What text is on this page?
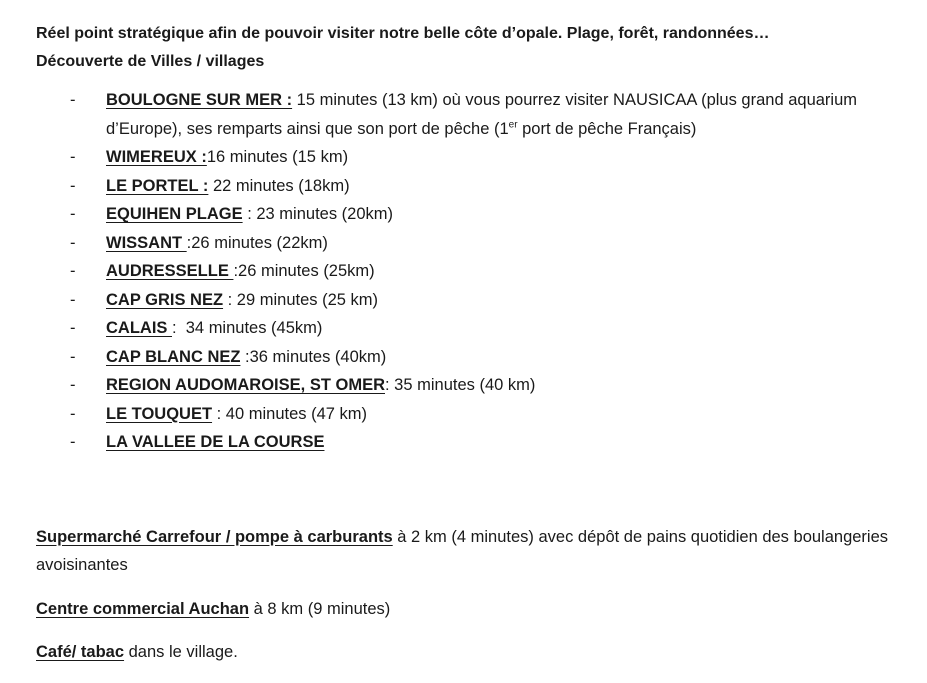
Réel point stratégique afin de pouvoir visiter notre belle côte d’opale. Plage, forêt, randonnées…
Découverte de Villes / villages
- BOULOGNE SUR MER : 15 minutes (13 km) où vous pourrez visiter NAUSICAA (plus grand aquarium d’Europe), ses remparts ainsi que son port de pêche (1er port de pêche Français)
- WIMEREUX :16 minutes (15 km)
- LE PORTEL : 22 minutes (18km)
- EQUIHEN PLAGE : 23 minutes (20km)
- WISSANT :26 minutes (22km)
- AUDRESSELLE :26 minutes (25km)
- CAP GRIS NEZ : 29 minutes (25 km)
- CALAIS :  34 minutes (45km)
- CAP BLANC NEZ :36 minutes (40km)
- REGION AUDOMAROISE, ST OMER: 35 minutes (40 km)
- LE TOUQUET : 40 minutes (47 km)
- LA VALLEE DE LA COURSE

Supermarché Carrefour / pompe à carburants à 2 km (4 minutes) avec dépôt de pains quotidien des boulangeries avoisinantes

Centre commercial Auchan à 8 km (9 minutes)

Café/ tabac dans le village.
